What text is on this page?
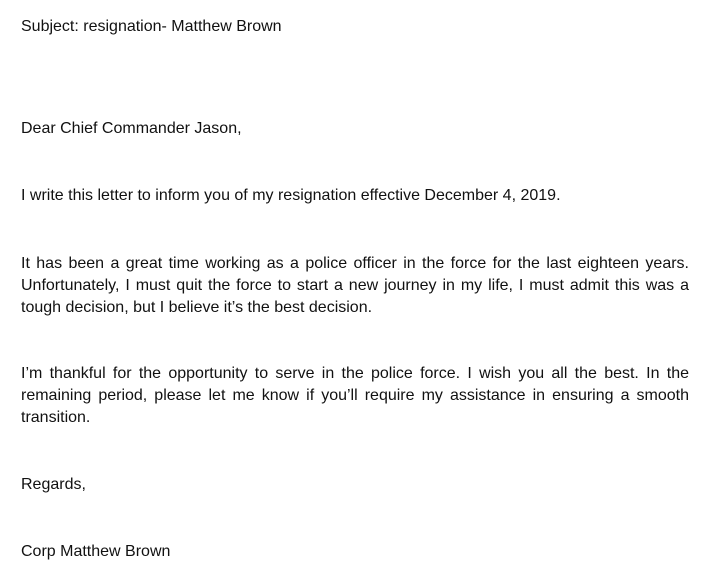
Subject: resignation- Matthew Brown
Dear Chief Commander Jason,
I write this letter to inform you of my resignation effective December 4, 2019.
It has been a great time working as a police officer in the force for the last eighteen years. Unfortunately, I must quit the force to start a new journey in my life, I must admit this was a tough decision, but I believe it’s the best decision.
I’m thankful for the opportunity to serve in the police force. I wish you all the best. In the remaining period, please let me know if you’ll require my assistance in ensuring a smooth transition.
Regards,
Corp Matthew Brown
